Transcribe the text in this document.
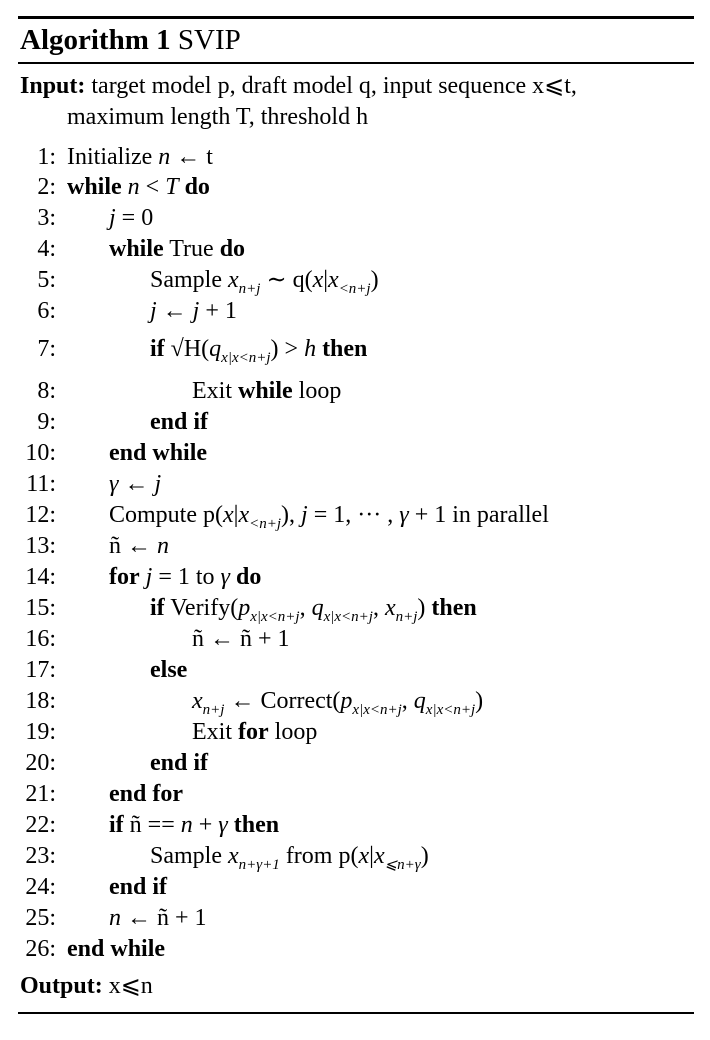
Algorithm 1 SVIP
Input: target model p, draft model q, input sequence x⩽t,
maximum length T, threshold h
1: Initialize n ← t
2: while n < T do
3: j = 0
4: while True do
5:	Sample $x_{n+j}$ ∼ $q(x|x_{<n+j})$
6:	j ← j + 1
7:	if $√H(q_{x|x<n+j}) > h$ then
8:	Exit while loop
9:	end if
10: end while
11: γ ← j
12: Compute $p(x|x_{<n+j})$, j = 1, ··· , γ + 1 in parallel
13: ñ ← n
14: for j = 1 to γ do
15:	if $Verify(p_{x|x<n+j}$, $q_{x|x<n+j}$, $x_{n+j}$) then
16:	ñ ← ñ + 1
17:	else
18:	$x_{n+j}$ ← $Correct(p_{x|x<n+j}$, $q_{x|x<n+j}$)
19:	Exit for loop
20:	end if
21: end for
22: if ñ == n + γ then
23:	Sample $x_{n+\gamma+1}$ from $p(x|x_{⩽n+\gamma})$
24: end if
25: n ← ñ + 1
26: end while
Output: x⩽n
